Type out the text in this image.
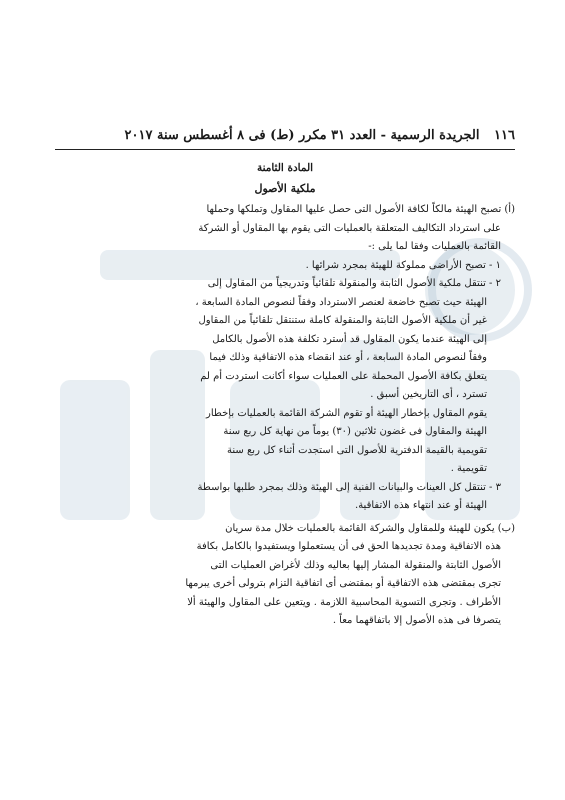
١١٦ الجريدة الرسمية - العدد ٣١ مكرر (ط) فى ٨ أغسطس سنة ٢٠١٧
المادة الثامنة
ملكية الأصول

(أ) تصبح الهيئة مالكاً لكافة الأصول التى حصل عليها المقاول وتملكها وحملها

على استرداد التكاليف المتعلقة بالعمليات التى يقوم بها المقاول أو الشركة

القائمة بالعمليات وفقا لما يلى :-

١ - تصبح الأراضى مملوكة للهيئة بمجرد شرائها .

٢ - تنتقل ملكية الأصول الثابتة والمنقولة تلقائياً وتدريجياً من المقاول إلى

الهيئة حيث تصبح خاضعة لعنصر الاسترداد وفقاً لنصوص المادة السابعة ،

غير أن ملكية الأصول الثابتة والمنقولة كاملة ستنتقل تلقائياً من المقاول

إلى الهيئة عندما يكون المقاول قد أسترد تكلفة هذه الأصول بالكامل

وفقاً لنصوص المادة السابعة ، أو عند انقضاء هذه الاتفاقية وذلك فيما

يتعلق بكافة الأصول المحملة على العمليات سواء أكانت استردت أم لم

تسترد ، أى التاريخين أسبق .

يقوم المقاول بإخطار الهيئة أو تقوم الشركة القائمة بالعمليات بإخطار

الهيئة والمقاول فى غضون ثلاثين (٣٠) يوماً من نهاية كل ربع سنة

تقويمية بالقيمة الدفترية للأصول التى استجدت أثناء كل ربع سنة

تقويمية .

٣ - تنتقل كل العينات والبيانات الفنية إلى الهيئة وذلك بمجرد طلبها بواسطة

الهيئة أو عند انتهاء هذه الاتفاقية.

(ب) يكون للهيئة وللمقاول والشركة القائمة بالعمليات خلال مدة سريان

هذه الاتفاقية ومدة تجديدها الحق فى أن يستعملوا ويستفيدوا بالكامل بكافة

الأصول الثابتة والمنقولة المشار إليها بعاليه وذلك لأغراض العمليات التى

تجرى بمقتضى هذه الاتفاقية أو بمقتضى أى اتفاقية التزام بترولى أخرى يبرمها

الأطراف . وتجرى التسوية المحاسبية اللازمة . ويتعين على المقاول والهيئة ألا

يتصرفا فى هذه الأصول إلا باتفاقهما معاً .
